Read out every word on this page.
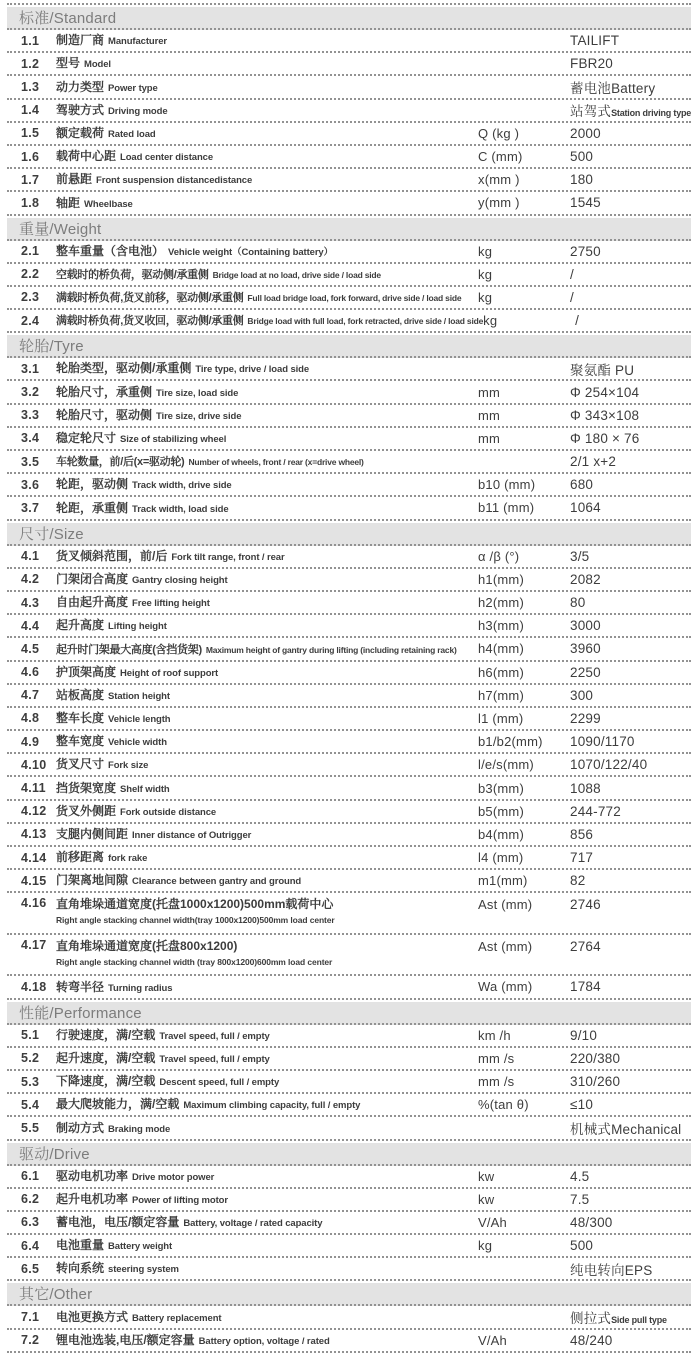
标准/Standard
1.1	制造厂商 Manufacturer	TAILIFT
1.2	型号 Model	FBR20
1.3	动力类型 Power type	蓄电池Battery
1.4	驾驶方式 Driving mode	站驾式Station driving type
1.5	额定载荷 Rated load	Q (kg )	2000
1.6	载荷中心距 Load center distance	C (mm)	500
1.7	前悬距 Front suspension distancedistance	x(mm )	180
1.8	轴距 Wheelbase	y(mm )	1545
重量/Weight
2.1	整车重量（含电池） Vehicle weight（Containing battery）	kg	2750
2.2	空载时的桥负荷，驱动侧/承重侧 Bridge load at no load, drive side / load side	kg	/
2.3	满载时桥负荷,货叉前移，驱动侧/承重侧 Full load bridge load, fork forward, drive side / load side	kg	/
2.4	满载时桥负荷,货叉收回，驱动侧/承重侧 Bridge load with full load, fork retracted, drive side / load side kg	/
轮胎/Tyre
3.1	轮胎类型，驱动侧/承重侧 Tire type, drive / load side	聚氨酯 PU
3.2	轮胎尺寸，承重侧 Tire size, load side	mm	Φ 254×104
3.3	轮胎尺寸，驱动侧 Tire size, drive side	mm	Φ 343×108
3.4	稳定轮尺寸 Size of stabilizing wheel	mm	Φ 180 × 76
3.5	车轮数量，前/后(x=驱动轮) Number of wheels, front / rear (x=drive wheel)	2/1 x+2
3.6	轮距，驱动侧 Track width, drive side	b10 (mm)	680
3.7	轮距，承重侧 Track width, load side	b11 (mm)	1064
尺寸/Size
4.1	货叉倾斜范围，前/后 Fork tilt range, front / rear	α /β (°)	3/5
4.2	门架闭合高度 Gantry closing height	h1(mm)	2082
4.3	自由起升高度 Free lifting height	h2(mm)	80
4.4	起升高度 Lifting height	h3(mm)	3000
4.5	起升时门架最大高度(含挡货架) Maximum height of gantry during lifting (including retaining rack)	h4(mm)	3960
4.6	护顶架高度 Height of roof support	h6(mm)	2250
4.7	站板高度 Station height	h7(mm)	300
4.8	整车长度 Vehicle length	l1 (mm)	2299
4.9	整车宽度 Vehicle width	b1/b2(mm)	1090/1170
4.10 货叉尺寸 Fork size	l/e/s(mm)	1070/122/40
4.11 挡货架宽度 Shelf width	b3(mm)	1088
4.12 货叉外侧距 Fork outside distance	b5(mm)	244-772
4.13 支腿内侧间距 Inner distance of Outrigger	b4(mm)	856
4.14 前移距离 fork rake	l4 (mm)	717
4.15 门架离地间隙 Clearance between gantry and ground	m1(mm)	82
4.16 直角堆垛通道宽度(托盘1000x1200)500mm载荷中心
Right angle stacking channel width(tray 1000x1200)500mm load center
Ast (mm)	2746
4.17 直角堆垛通道宽度(托盘800x1200)
Right angle stacking channel width (tray 800x1200)600mm load center
Ast (mm)	2764
4.18 转弯半径 Turning radius	Wa (mm)	1784
性能/Performance
5.1	行驶速度，满/空载 Travel speed, full / empty	km /h	9/10
5.2	起升速度，满/空载 Travel speed, full / empty	mm /s	220/380
5.3	下降速度，满/空载 Descent speed, full / empty	mm /s	310/260
5.4	最大爬坡能力，满/空载 Maximum climbing capacity, full / empty	%(tan θ)	≤10
5.5	制动方式 Braking mode	机械式Mechanical
驱动/Drive
6.1	驱动电机功率 Drive motor power	kw	4.5
6.2	起升电机功率 Power of lifting motor	kw	7.5
6.3	蓄电池，电压/额定容量 Battery, voltage / rated capacity	V/Ah	48/300
6.4	电池重量 Battery weight	kg	500
6.5	转向系统 steering system	纯电转向EPS
其它/Other
7.1	电池更换方式 Battery replacement	侧拉式Side pull type
7.2	锂电池选装,电压/额定容量 Battery option, voltage / rated	V/Ah	48/240
